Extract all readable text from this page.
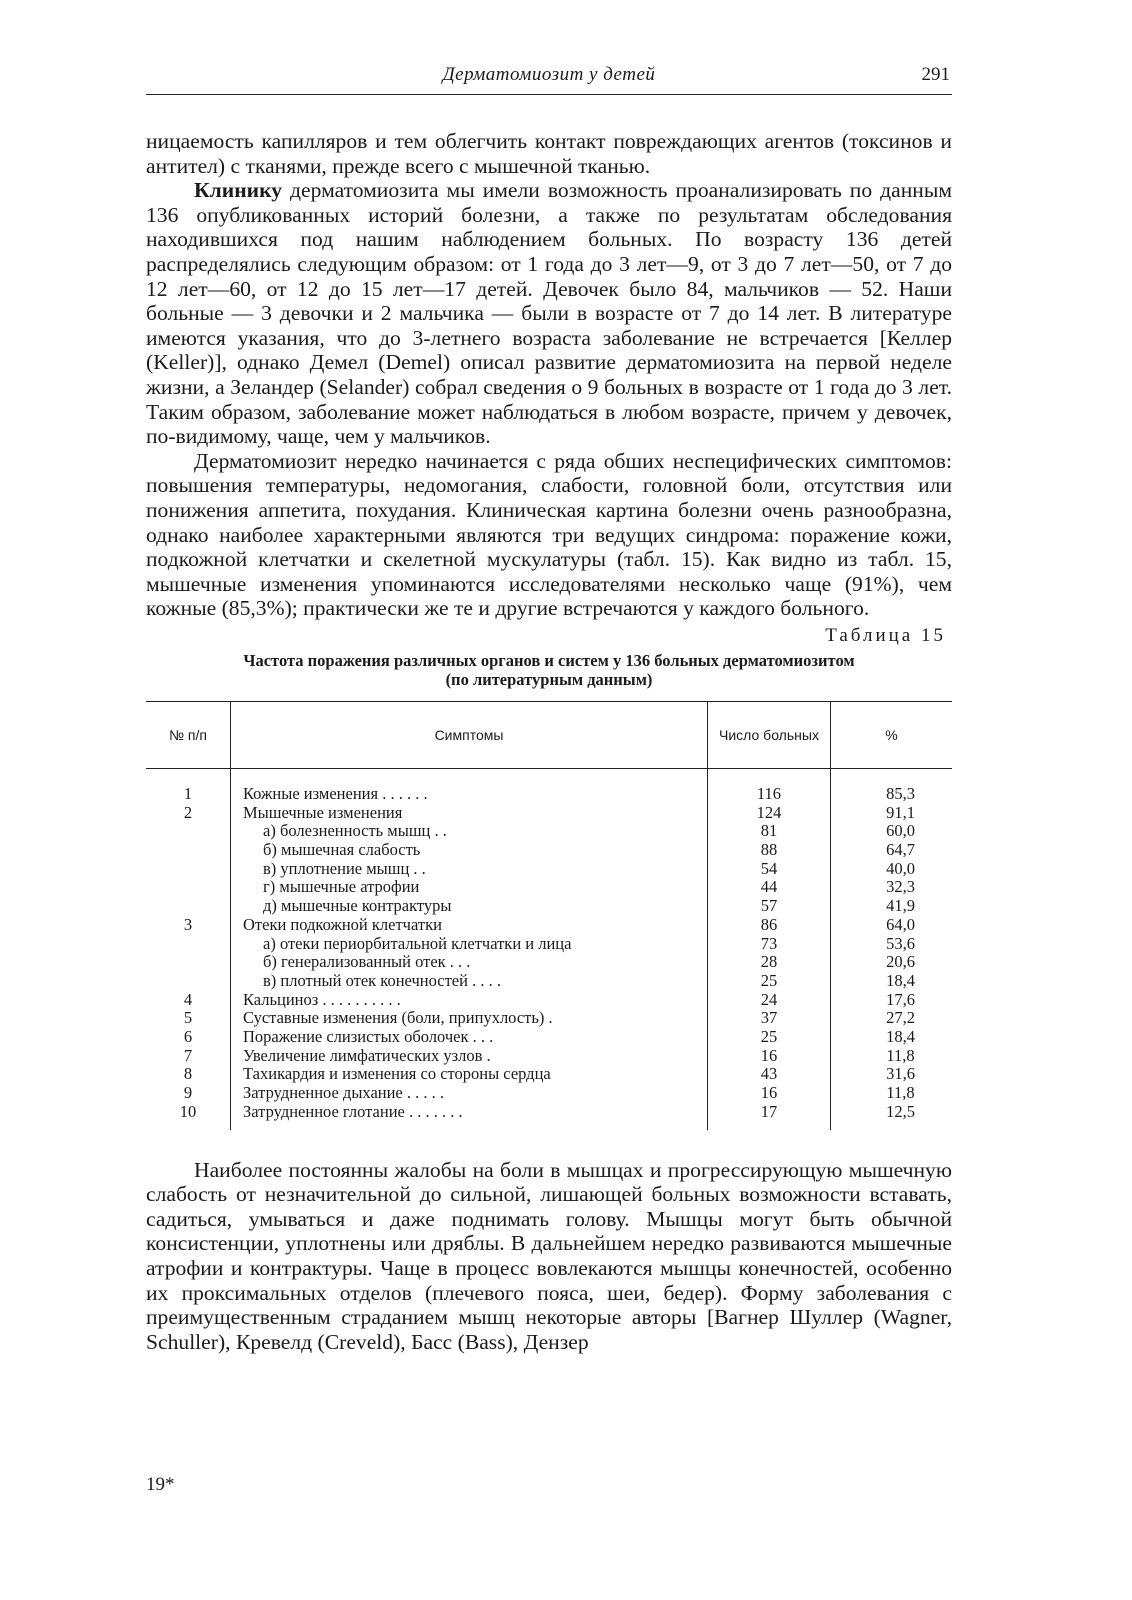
Дерматомиозит у детей	291

ницаемость капилляров и тем облегчить контакт повреждающих агентов (токсинов и антител) с тканями, прежде всего с мышечной тканью.

Клинику дерматомиозита мы имели возможность проанализировать по данным 136 опубликованных историй болезни, а также по результатам обследования находившихся под нашим наблюдением больных. По возрасту 136 детей распределялись следующим образом: от 1 года до 3 лет—9, от 3 до 7 лет—50, от 7 до 12 лет—60, от 12 до 15 лет—17 детей. Девочек было 84, мальчиков — 52. Наши больные — 3 девочки и 2 мальчика — были в возрасте от 7 до 14 лет. В литературе имеются указания, что до 3-летнего возраста заболевание не встречается [Келлер (Keller)], однако Демел (Demel) описал развитие дерматомиозита на первой неделе жизни, а Зеландер (Selander) собрал сведения о 9 больных в возрасте от 1 года до 3 лет. Таким образом, заболевание может наблюдаться в любом возрасте, причем у девочек, по-видимому, чаще, чем у мальчиков.

Дерматомиозит нередко начинается с ряда обших неспецифических симптомов: повышения температуры, недомогания, слабости, головной боли, отсутствия или понижения аппетита, похудания. Клиническая картина болезни очень разнообразна, однако наиболее характерными являются три ведущих синдрома: поражение кожи, подкожной клетчатки и скелетной мускулатуры (табл. 15). Как видно из табл. 15, мышечные изменения упоминаются исследователями несколько чаще (91%), чем кожные (85,3%); практически же те и другие встречаются у каждого больного.

Таблица 15
Частота поражения различных органов и систем у 136 больных дерматомиозитом
(по литературным данным)
№ п/п	Симптомы	Число больных	%
1	Кожные изменения . . . . . .	116	85,3
2	Мышечные изменения	124	91,1

	а) болезненность мышц . .	81	60,0

	б) мышечная слабость	88	64,7

	в) уплотнение мышц . .	54	40,0

	г) мышечные атрофии	44	32,3

	д) мышечные контрактуры	57	41,9
3	Отеки подкожной клетчатки	86	64,0

	а) отеки периорбитальной клетчатки и лица	73	53,6

	б) генерализованный отек . . .	28	20,6

	в) плотный отек конечностей . . . .	25	18,4
4	Кальциноз . . . . . . . . . .	24	17,6
5	Суставные изменения (боли, припухлость) .	37	27,2
6	Поражение слизистых оболочек . . .	25	18,4
7	Увеличение лимфатических узлов .	16	11,8
8	Тахикардия и изменения со стороны сердца	43	31,6
9	Затрудненное дыхание . . . . .	16	11,8
10	Затрудненное глотание . . . . . . .	17	12,5

Наиболее постоянны жалобы на боли в мышцах и прогрессирующую мышечную слабость от незначительной до сильной, лишающей больных возможности вставать, садиться, умываться и даже поднимать голову. Мышцы могут быть обычной консистенции, уплотнены или дряблы. В дальнейшем нередко развиваются мышечные атрофии и контрактуры. Чаще в процесс вовлекаются мышцы конечностей, особенно их проксимальных отделов (плечевого пояса, шеи, бедер). Форму заболевания с преимущественным страданием мышц некоторые авторы [Вагнер Шуллер (Wagner, Schuller), Кревелд (Creveld), Басс (Bass), Дензер

19*
